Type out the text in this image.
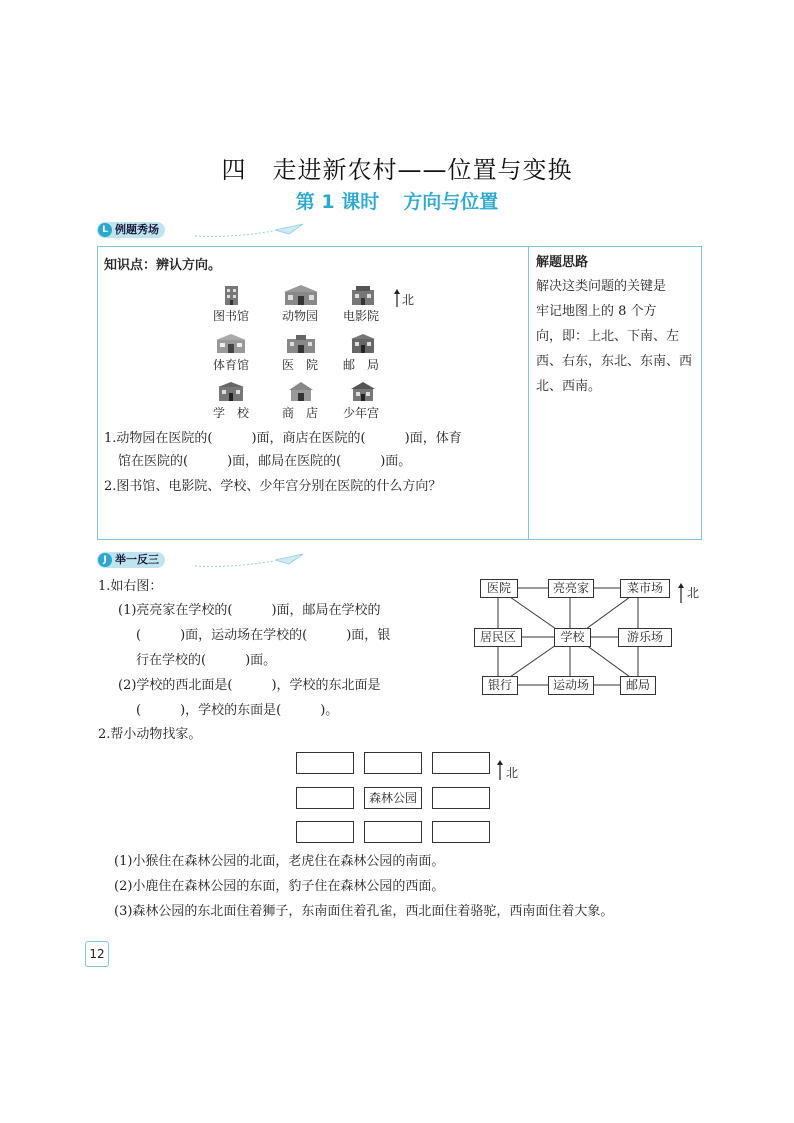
四 走进新农村——位置与变换
第 1 课时 方向与位置
L 例题秀场
知识点：辨认方向。
图书馆	动物园	电影院
体育馆	医　院	邮　局
学　校	商　店	少年宫
北
1.动物园在医院的(　　　)面，商店在医院的(　　　)面，体育
馆在医院的(　　　)面，邮局在医院的(　　　)面。
2.图书馆、电影院、学校、少年宫分别在医院的什么方向？
解题思路
解决这类问题的关键是
牢记地图上的 8 个方
向，即：上北、下南、左
西、右东，东北、东南、西
北、西南。
J 举一反三
1.如右图：
(1)亮亮家在学校的(　　　)面，邮局在学校的
(　　　)面，运动场在学校的(　　　)面，银
行在学校的(　　　)面。
(2)学校的西北面是(　　　)，学校的东北面是
(　　　)，学校的东面是(　　　)。
医院	亮亮家	菜市场
居民区	学校	游乐场
银行	运动场	邮局
北
2.帮小动物找家。
森林公园
北
(1)小猴住在森林公园的北面，老虎住在森林公园的南面。
(2)小鹿住在森林公园的东面，豹子住在森林公园的西面。
(3)森林公园的东北面住着狮子，东南面住着孔雀，西北面住着骆驼，西南面住着大象。
12
